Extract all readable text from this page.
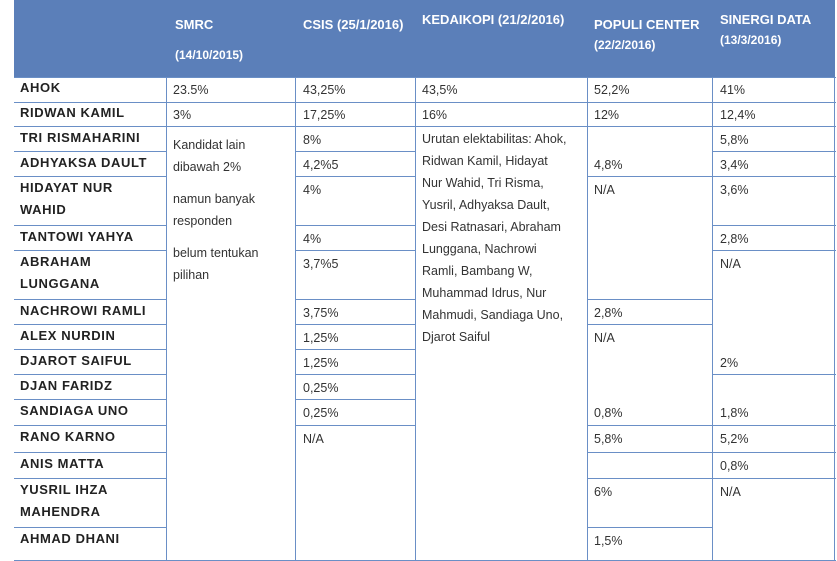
SMRC
(14/10/2015)
CSIS (25/1/2016) KEDAIKOPI (21/2/2016) POPULI CENTER
(22/2/2016)
SINERGI DATA
(13/3/2016)
AHOK
RIDWAN KAMIL
TRI RISMAHARINI
ADHYAKSA DAULT
HIDAYAT NUR WAHID
TANTOWI YAHYA
ABRAHAM LUNGGANA
NACHROWI RAMLI
ALEX NURDIN
DJAROT SAIFUL
DJAN FARIDZ
SANDIAGA UNO
RANO KARNO
ANIS MATTA
YUSRIL IHZA MAHENDRA
AHMAD DHANI
23.5%
3%
Kandidat lain
dibawah 2%
namun banyak
responden
belum tentukan
pilihan
43,25%
17,25%
8%
4,2%5
4%
4%
3,7%5
3,75%
1,25%
1,25%
0,25%
0,25%
N/A
43,5%
16%
Urutan elektabilitas: Ahok,
Ridwan Kamil, Hidayat
Nur Wahid, Tri Risma,
Yusril, Adhyaksa Dault,
Desi Ratnasari, Abraham
Lunggana, Nachrowi
Ramli, Bambang W,
Muhammad Idrus, Nur
Mahmudi, Sandiaga Uno,
Djarot Saiful
52,2%
12%
4,8%
N/A
2,8%
N/A
0,8%
5,8%
6%
1,5%
41%
12,4%
5,8%
3,4%
3,6%
2,8%
N/A
2%
1,8%
5,2%
0,8%
N/A
